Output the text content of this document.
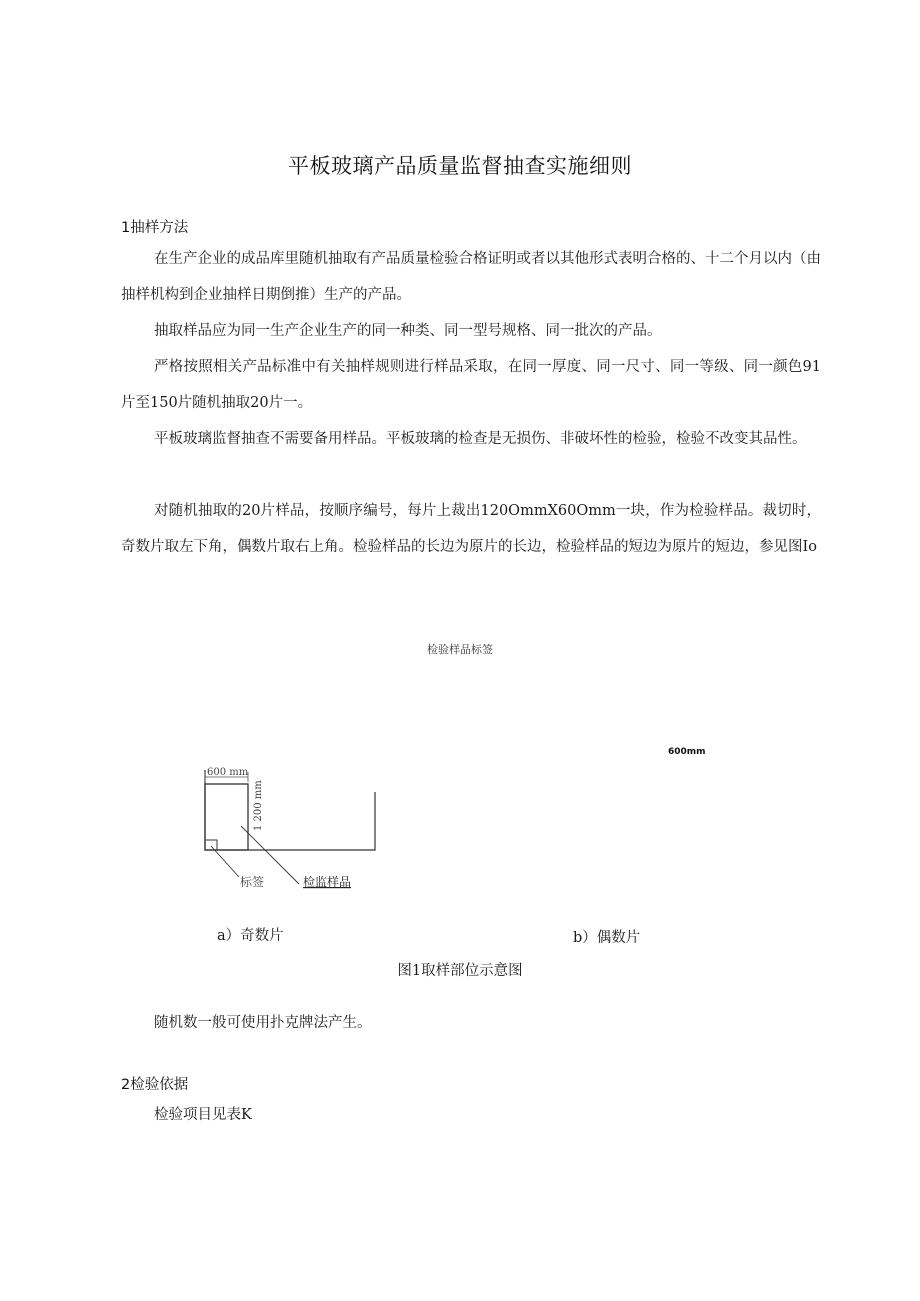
平板玻璃产品质量监督抽查实施细则
1抽样方法
在生产企业的成品库里随机抽取有产品质量检验合格证明或者以其他形式表明合格的、十二个月以内（由抽样机构到企业抽样日期倒推）生产的产品。
抽取样品应为同一生产企业生产的同一种类、同一型号规格、同一批次的产品。
严格按照相关产品标准中有关抽样规则进行样品采取，在同一厚度、同一尺寸、同一等级、同一颜色91片至150片随机抽取20片一。
平板玻璃监督抽查不需要备用样品。平板玻璃的检查是无损伤、非破坏性的检验，检验不改变其品性。
对随机抽取的20片样品，按顺序编号，每片上裁出120OmmX60Omm一块，作为检验样品。裁切时，奇数片取左下角，偶数片取右上角。检验样品的长边为原片的长边，检验样品的短边为原片的短边，参见图Io
检验样品标签
600mm
600 mm
1 200 mm
标签	检监样品
a）奇数片	b）偶数片
图1取样部位示意图
随机数一般可使用扑克牌法产生。
2检验依据
检验项目见表K
